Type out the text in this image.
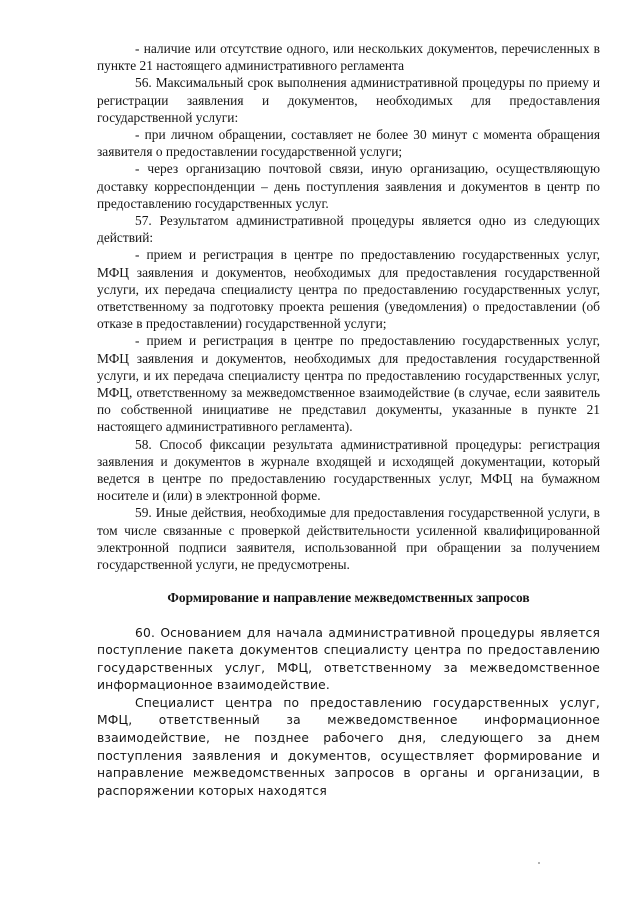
- наличие или отсутствие одного, или нескольких документов, перечисленных в пункте 21 настоящего административного регламента

56. Максимальный срок выполнения административной процедуры по приему и регистрации заявления и документов, необходимых для предоставления государственной услуги:

- при личном обращении, составляет не более 30 минут с момента обращения заявителя о предоставлении государственной услуги;

- через организацию почтовой связи, иную организацию, осуществляющую доставку корреспонденции – день поступления заявления и документов в центр по предоставлению государственных услуг.

57. Результатом административной процедуры является одно из следующих действий:

- прием и регистрация в центре по предоставлению государственных услуг, МФЦ заявления и документов, необходимых для предоставления государственной услуги, их передача специалисту центра по предоставлению государственных услуг, ответственному за подготовку проекта решения (уведомления) о предоставлении (об отказе в предоставлении) государственной услуги;

- прием и регистрация в центре по предоставлению государственных услуг, МФЦ заявления и документов, необходимых для предоставления государственной услуги, и их передача специалисту центра по предоставлению государственных услуг, МФЦ, ответственному за межведомственное взаимодействие (в случае, если заявитель по собственной инициативе не представил документы, указанные в пункте 21 настоящего административного регламента).

58. Способ фиксации результата административной процедуры: регистрация заявления и документов в журнале входящей и исходящей документации, который ведется в центре по предоставлению государственных услуг, МФЦ на бумажном носителе и (или) в электронной форме.

59. Иные действия, необходимые для предоставления государственной услуги, в том числе связанные с проверкой действительности усиленной квалифицированной электронной подписи заявителя, использованной при обращении за получением государственной услуги, не предусмотрены.

Формирование и направление межведомственных запросов

60. Основанием для начала административной процедуры является поступление пакета документов специалисту центра по предоставлению государственных услуг, МФЦ, ответственному за межведомственное информационное взаимодействие.

Специалист центра по предоставлению государственных услуг, МФЦ, ответственный за межведомственное информационное взаимодействие, не позднее рабочего дня, следующего за днем поступления заявления и документов, осуществляет формирование и направление межведомственных запросов в органы и организации, в распоряжении которых находятся
